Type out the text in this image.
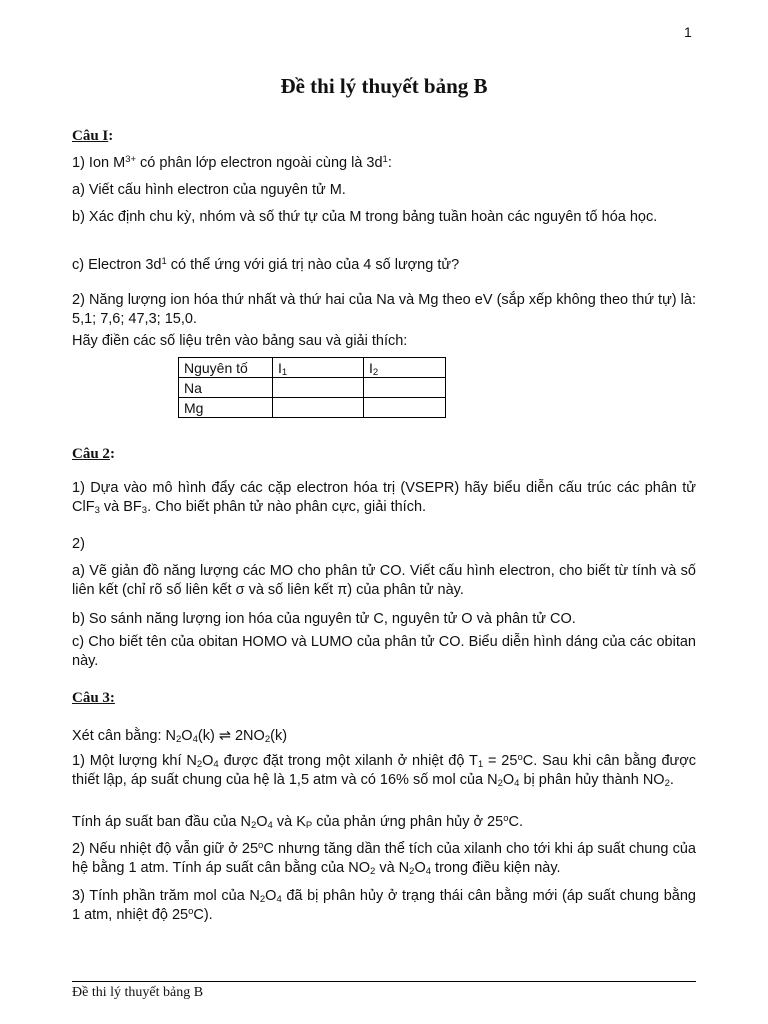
1
Đề thi lý thuyết bảng B
Câu I:

1) Ion $M^{3+}$ có phân lớp electron ngoài cùng là $3d^1$:

a) Viết cấu hình electron của nguyên tử M.

b) Xác định chu kỳ, nhóm và số thứ tự của M trong bảng tuần hoàn các nguyên tố hóa học.

c) Electron $3d^1$ có thể ứng với giá trị nào của 4 số lượng tử?

2) Năng lượng ion hóa thứ nhất và thứ hai của Na và Mg theo eV (sắp xếp không theo thứ tự) là: 5,1; 7,6; 47,3; 15,0.

Hãy điền các số liệu trên vào bảng sau và giải thích:

Nguyên tố	$I_1$	$I_2$
Na		
Mg		
Câu 2:

1) Dựa vào mô hình đẩy các cặp electron hóa trị (VSEPR) hãy biểu diễn cấu trúc các phân tử ClF$_3$ và $BF_3$. Cho biết phân tử nào phân cực, giải thích.

2)

a) Vẽ giản đồ năng lượng các MO cho phân tử CO. Viết cấu hình electron, cho biết từ tính và số liên kết (chỉ rõ số liên kết σ và số liên kết π) của phân tử này.

b) So sánh năng lượng ion hóa của nguyên tử C, nguyên tử O và phân tử CO.

c) Cho biết tên của obitan HOMO và LUMO của phân tử CO. Biểu diễn hình dáng của các obitan này.

Câu 3:

Xét cân bằng: $N_2O_4(k)$ ⇌ $2NO_2(k)$

1) Một lượng khí $N_2O_4$ được đặt trong một xilanh ở nhiệt độ $T_1 = 25^oC$. Sau khi cân bằng được thiết lập, áp suất chung của hệ là 1,5 atm và có 16% số mol của $N_2O_4$ bị phân hủy thành $NO_2$.

Tính áp suất ban đầu của $N_2O_4$ và $K_P$ của phản ứng phân hủy ở 25$^o$C.

2) Nếu nhiệt độ vẫn giữ ở 25$^o$C nhưng tăng dần thể tích của xilanh cho tới khi áp suất chung của hệ bằng 1 atm. Tính áp suất cân bằng của $NO_2$ và $N_2O_4$ trong điều kiện này.

3) Tính phần trăm mol của $N_2O_4$ đã bị phân hủy ở trạng thái cân bằng mới (áp suất chung bằng 1 atm, nhiệt độ 25$^o$C).

Đề thi lý thuyết bảng B
